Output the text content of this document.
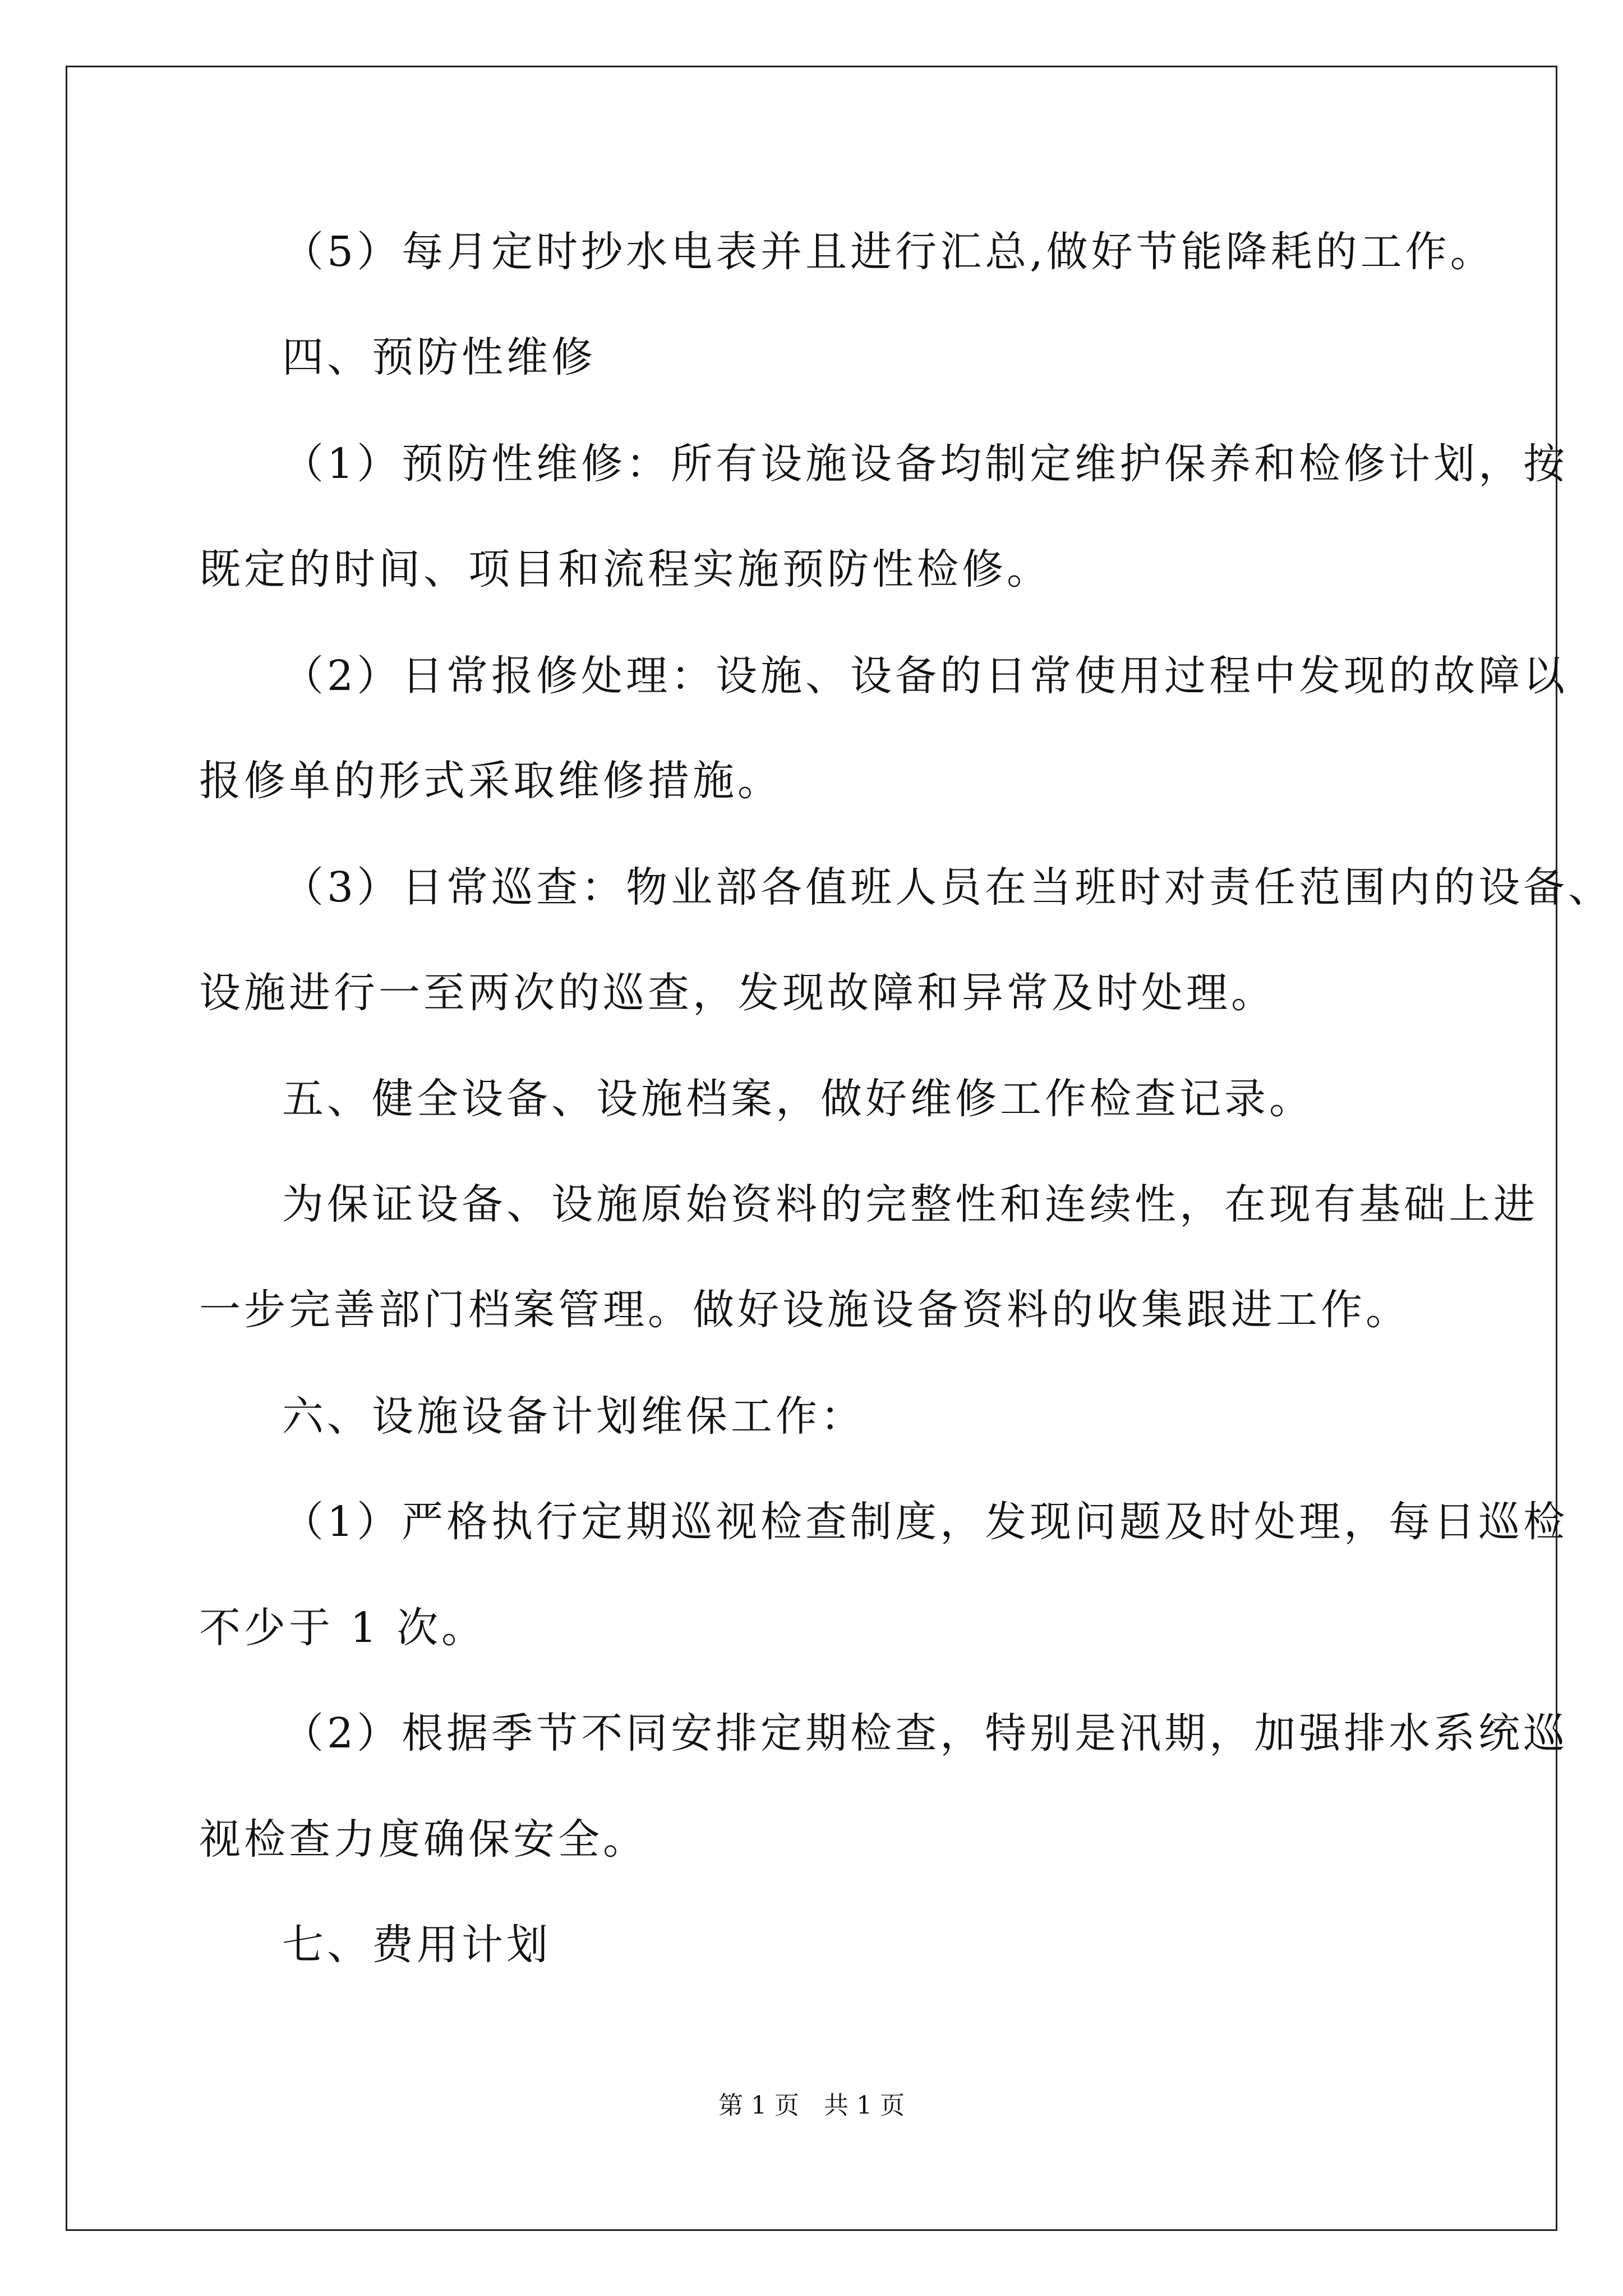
（5）每月定时抄水电表并且进行汇总,做好节能降耗的工作。
四、预防性维修
（1）预防性维修：所有设施设备均制定维护保养和检修计划，按
既定的时间、项目和流程实施预防性检修。
（2）日常报修处理：设施、设备的日常使用过程中发现的故障以
报修单的形式采取维修措施。
（3）日常巡查：物业部各值班人员在当班时对责任范围内的设备、
设施进行一至两次的巡查，发现故障和异常及时处理。
五、健全设备、设施档案，做好维修工作检查记录。
为保证设备、设施原始资料的完整性和连续性，在现有基础上进
一步完善部门档案管理。做好设施设备资料的收集跟进工作。
六、设施设备计划维保工作：
（1）严格执行定期巡视检查制度，发现问题及时处理，每日巡检
不少于 1 次。
（2）根据季节不同安排定期检查，特别是汛期，加强排水系统巡
视检查力度确保安全。
七、费用计划
第 1 页　共 1 页
